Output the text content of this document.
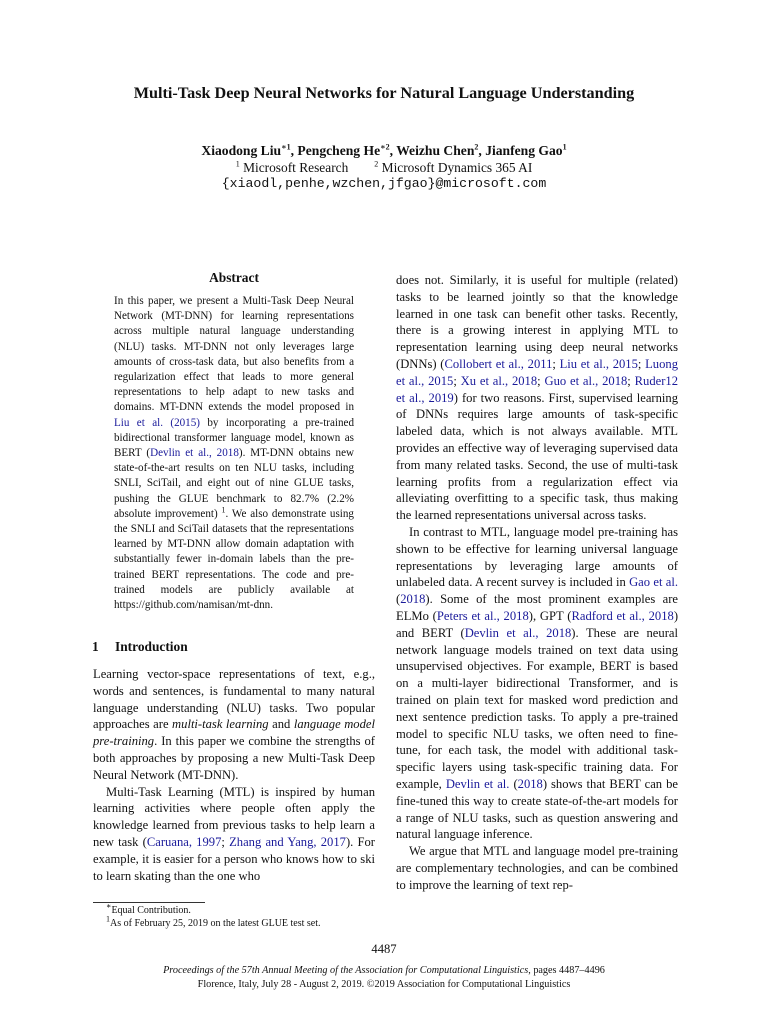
Multi-Task Deep Neural Networks for Natural Language Understanding
Xiaodong Liu$^{∗1}$, Pengcheng $He^{∗2}$, Weizhu Chen$^2$, Jianfeng Gao$^1$
$^1$ Microsoft Research	$^2$ Microsoft Dynamics 365 AI
{xiaodl,penhe,wzchen,jfgao}@microsoft.com
Abstract
In this paper, we present a Multi-Task Deep Neural Network (MT-DNN) for learning representations across multiple natural language understanding (NLU) tasks. MT-DNN not only leverages large amounts of cross-task data, but also benefits from a regularization effect that leads to more general representations to help adapt to new tasks and domains. MT-DNN extends the model proposed in Liu et al. (2015) by incorporating a pre-trained bidirectional transformer language model, known as BERT (Devlin et al., 2018). MT-DNN obtains new state-of-the-art results on ten NLU tasks, including SNLI, SciTail, and eight out of nine GLUE tasks, pushing the GLUE benchmark to 82.7% (2.2% absolute improvement) $^1$. We also demonstrate using the SNLI and SciTail datasets that the representations learned by MT-DNN allow domain adaptation with substantially fewer in-domain labels than the pre-trained BERT representations. The code and pre-trained models are publicly available at https://github.com/namisan/mt-dnn.
1 Introduction

Learning vector-space representations of text, e.g., words and sentences, is fundamental to many natural language understanding (NLU) tasks. Two popular approaches are multi-task learning and language model pre-training. In this paper we combine the strengths of both approaches by proposing a new Multi-Task Deep Neural Network (MT-DNN).

Multi-Task Learning (MTL) is inspired by human learning activities where people often apply the knowledge learned from previous tasks to help learn a new task (Caruana, 1997; Zhang and Yang, 2017). For example, it is easier for a person who knows how to ski to learn skating than the one who

does not. Similarly, it is useful for multiple (related) tasks to be learned jointly so that the knowledge learned in one task can benefit other tasks. Recently, there is a growing interest in applying MTL to representation learning using deep neural networks (DNNs) (Collobert et al., 2011; Liu et al., 2015; Luong et al., 2015; Xu et al., 2018; Guo et al., 2018; Ruder12 et al., 2019) for two reasons. First, supervised learning of DNNs requires large amounts of task-specific labeled data, which is not always available. MTL provides an effective way of leveraging supervised data from many related tasks. Second, the use of multi-task learning profits from a regularization effect via alleviating overfitting to a specific task, thus making the learned representations universal across tasks.

In contrast to MTL, language model pre-training has shown to be effective for learning universal language representations by leveraging large amounts of unlabeled data. A recent survey is included in Gao et al. (2018). Some of the most prominent examples are ELMo (Peters et al., 2018), GPT (Radford et al., 2018) and BERT (Devlin et al., 2018). These are neural network language models trained on text data using unsupervised objectives. For example, BERT is based on a multi-layer bidirectional Transformer, and is trained on plain text for masked word prediction and next sentence prediction tasks. To apply a pre-trained model to specific NLU tasks, we often need to fine-tune, for each task, the model with additional task-specific layers using task-specific training data. For example, Devlin et al. (2018) shows that BERT can be fine-tuned this way to create state-of-the-art models for a range of NLU tasks, such as question answering and natural language inference.

We argue that MTL and language model pre-training are complementary technologies, and can be combined to improve the learning of text rep-

∗Equal Contribution.
$^1$As of February 25, 2019 on the latest GLUE test set.
4487
Proceedings of the 57th Annual Meeting of the Association for Computational Linguistics, pages 4487–4496
Florence, Italy, July 28 - August 2, 2019. ©2019 Association for Computational Linguistics
